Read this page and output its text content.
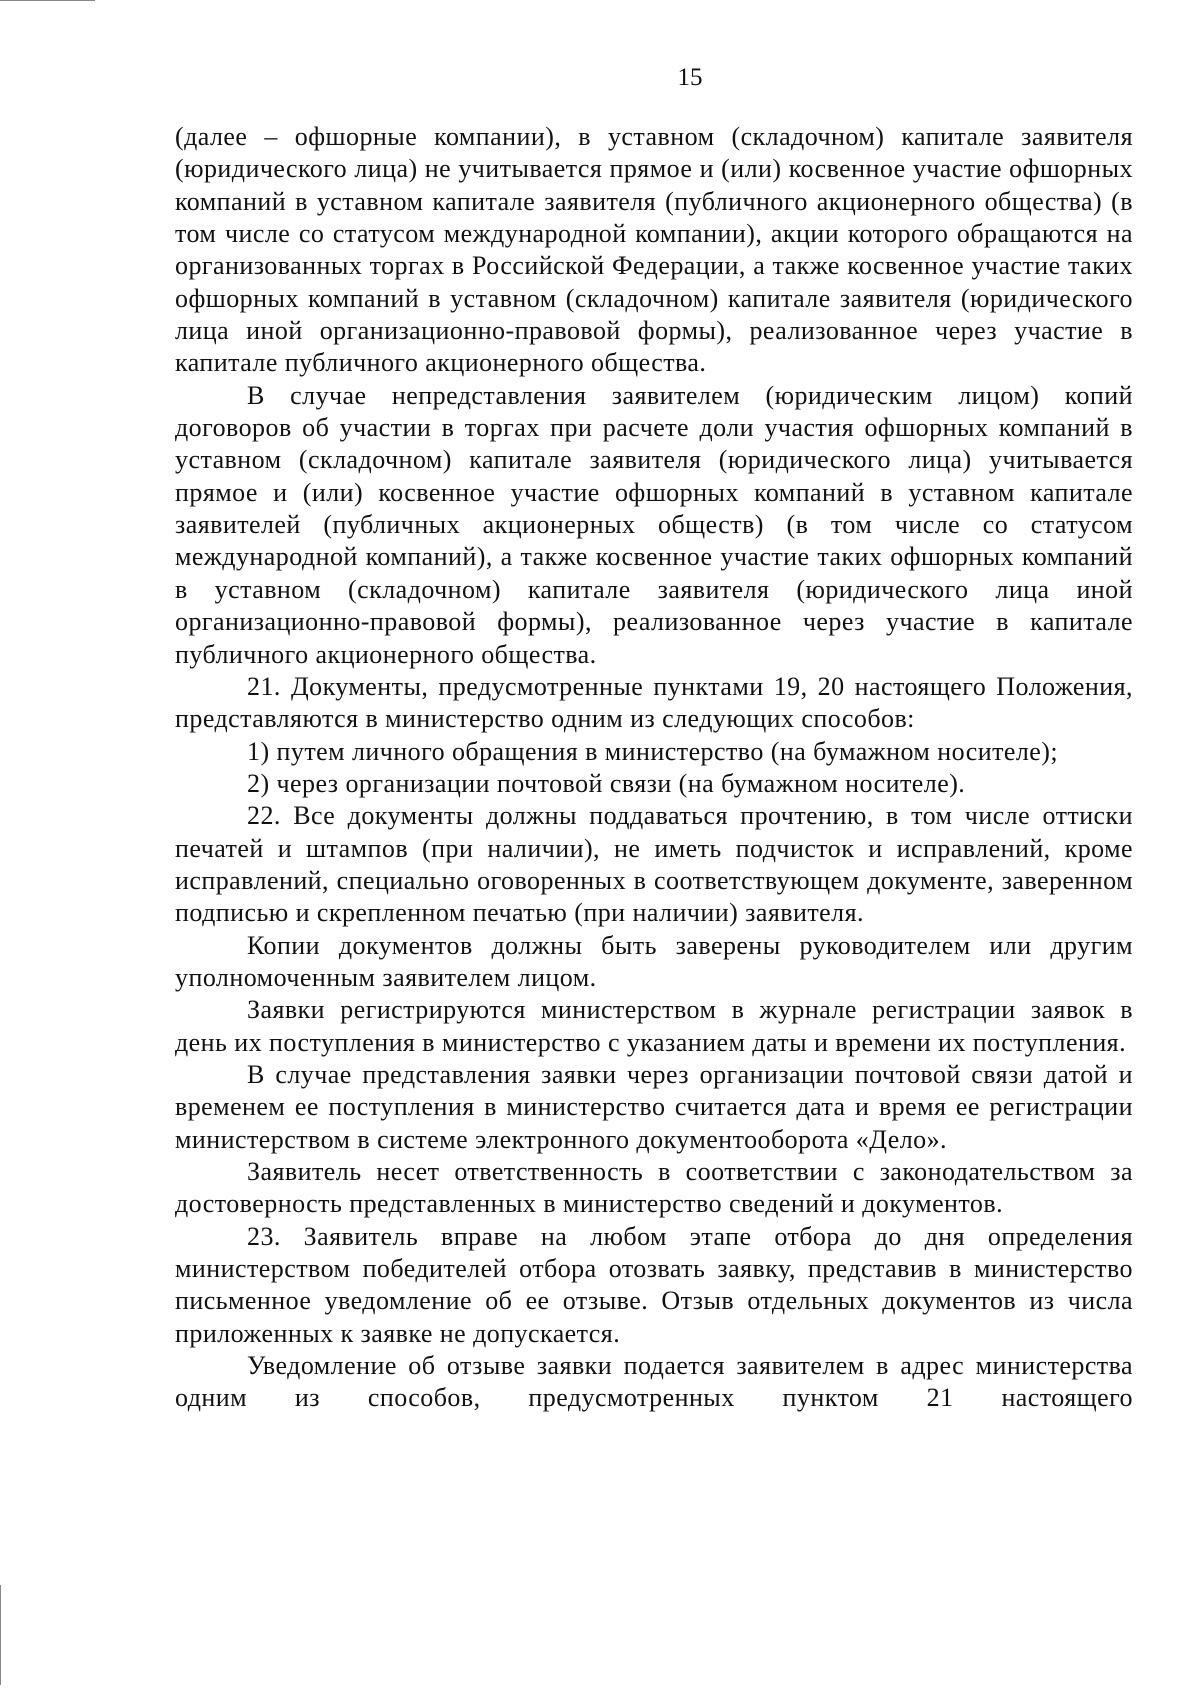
15

(далее – офшорные компании), в уставном (складочном) капитале заявителя (юридического лица) не учитывается прямое и (или) косвенное участие офшорных компаний в уставном капитале заявителя (публичного акционерного общества) (в том числе со статусом международной компании), акции которого обращаются на организованных торгах в Российской Федерации, а также косвенное участие таких офшорных компаний в уставном (складочном) капитале заявителя (юридического лица иной организационно-правовой формы), реализованное через участие в капитале публичного акционерного общества.

В случае непредставления заявителем (юридическим лицом) копий договоров об участии в торгах при расчете доли участия офшорных компаний в уставном (складочном) капитале заявителя (юридического лица) учитывается прямое и (или) косвенное участие офшорных компаний в уставном капитале заявителей (публичных акционерных обществ) (в том числе со статусом международной компаний), а также косвенное участие таких офшорных компаний в уставном (складочном) капитале заявителя (юридического лица иной организационно-правовой формы), реализованное через участие в капитале публичного акционерного общества.

21. Документы, предусмотренные пунктами 19, 20 настоящего Положения, представляются в министерство одним из следующих способов:

1) путем личного обращения в министерство (на бумажном носителе);

2) через организации почтовой связи (на бумажном носителе).

22. Все документы должны поддаваться прочтению, в том числе оттиски печатей и штампов (при наличии), не иметь подчисток и исправлений, кроме исправлений, специально оговоренных в соответствующем документе, заверенном подписью и скрепленном печатью (при наличии) заявителя.

Копии документов должны быть заверены руководителем или другим уполномоченным заявителем лицом.

Заявки регистрируются министерством в журнале регистрации заявок в день их поступления в министерство с указанием даты и времени их поступления.

В случае представления заявки через организации почтовой связи датой и временем ее поступления в министерство считается дата и время ее регистрации министерством в системе электронного документооборота «Дело».

Заявитель несет ответственность в соответствии с законодательством за достоверность представленных в министерство сведений и документов.

23. Заявитель вправе на любом этапе отбора до дня определения министерством победителей отбора отозвать заявку, представив в министерство письменное уведомление об ее отзыве. Отзыв отдельных документов из числа приложенных к заявке не допускается.

Уведомление об отзыве заявки подается заявителем в адрес министерства одним из способов, предусмотренных пунктом 21 настоящего
